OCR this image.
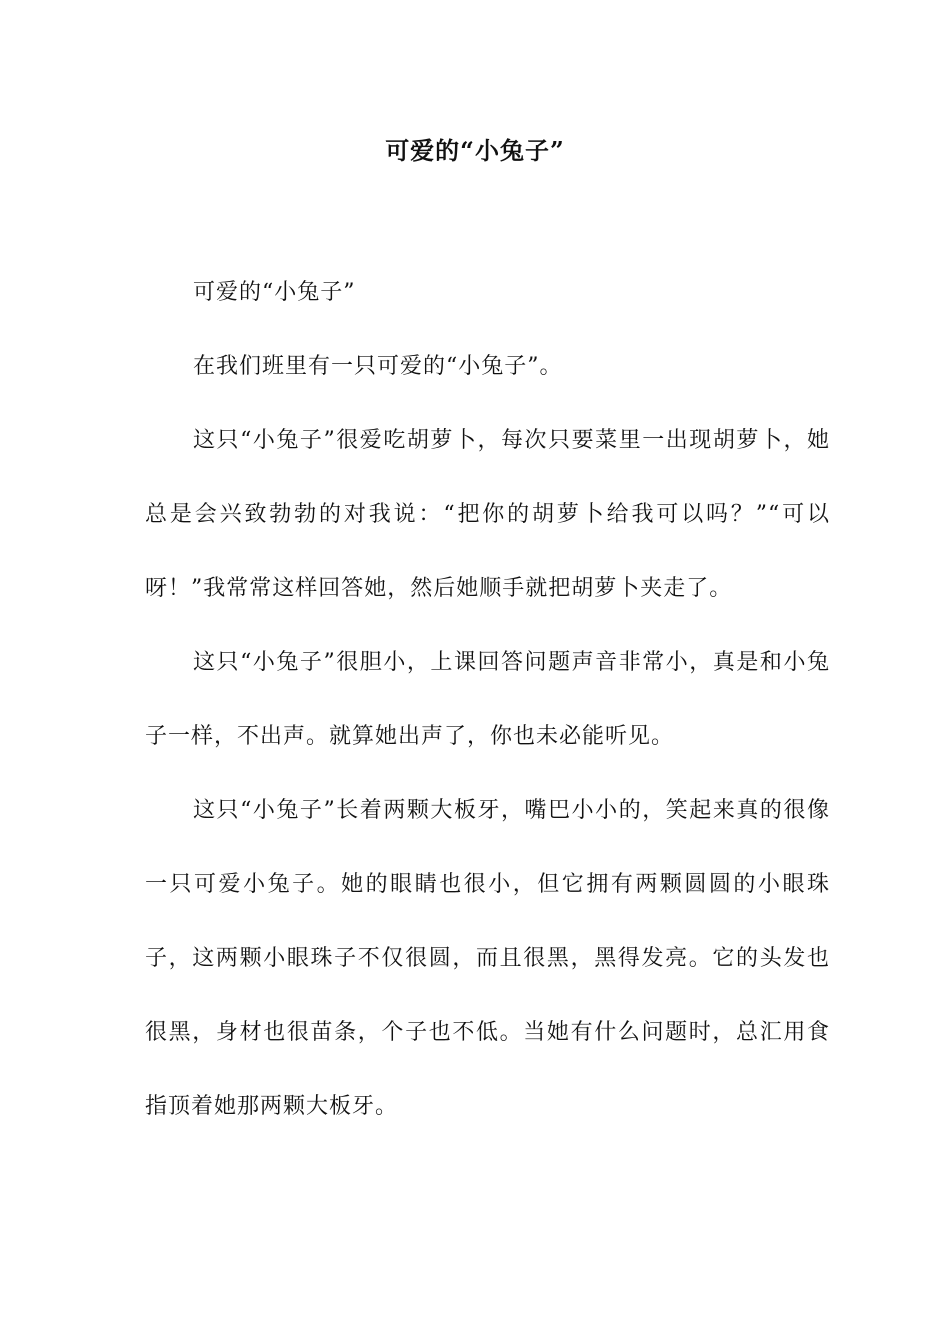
可爱的“小兔子”

可爱的“小兔子”

在我们班里有一只可爱的“小兔子”。

这只“小兔子”很爱吃胡萝卜，每次只要菜里一出现胡萝卜，她总是会兴致勃勃的对我说：“把你的胡萝卜给我可以吗？”“可以呀！”我常常这样回答她，然后她顺手就把胡萝卜夹走了。

这只“小兔子”很胆小，上课回答问题声音非常小，真是和小兔子一样，不出声。就算她出声了，你也未必能听见。

这只“小兔子”长着两颗大板牙，嘴巴小小的，笑起来真的很像一只可爱小兔子。她的眼睛也很小，但它拥有两颗圆圆的小眼珠子，这两颗小眼珠子不仅很圆，而且很黑，黑得发亮。它的头发也很黑，身材也很苗条，个子也不低。当她有什么问题时，总汇用食指顶着她那两颗大板牙。
